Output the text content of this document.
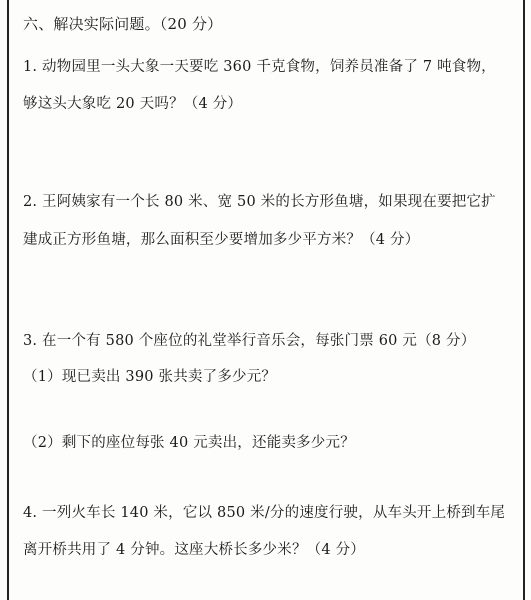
六、解决实际问题。（20 分）
1. 动物园里一头大象一天要吃 360 千克食物，饲养员准备了 7 吨食物，
够这头大象吃 20 天吗？（4 分）
2. 王阿姨家有一个长 80 米、宽 50 米的长方形鱼塘，如果现在要把它扩
建成正方形鱼塘，那么面积至少要增加多少平方米？（4 分）
3. 在一个有 580 个座位的礼堂举行音乐会，每张门票 60 元（8 分）
（1）现已卖出 390 张共卖了多少元？
（2）剩下的座位每张 40 元卖出，还能卖多少元？
4. 一列火车长 140 米，它以 850 米/分的速度行驶，从车头开上桥到车尾
离开桥共用了 4 分钟。这座大桥长多少米？（4 分）
